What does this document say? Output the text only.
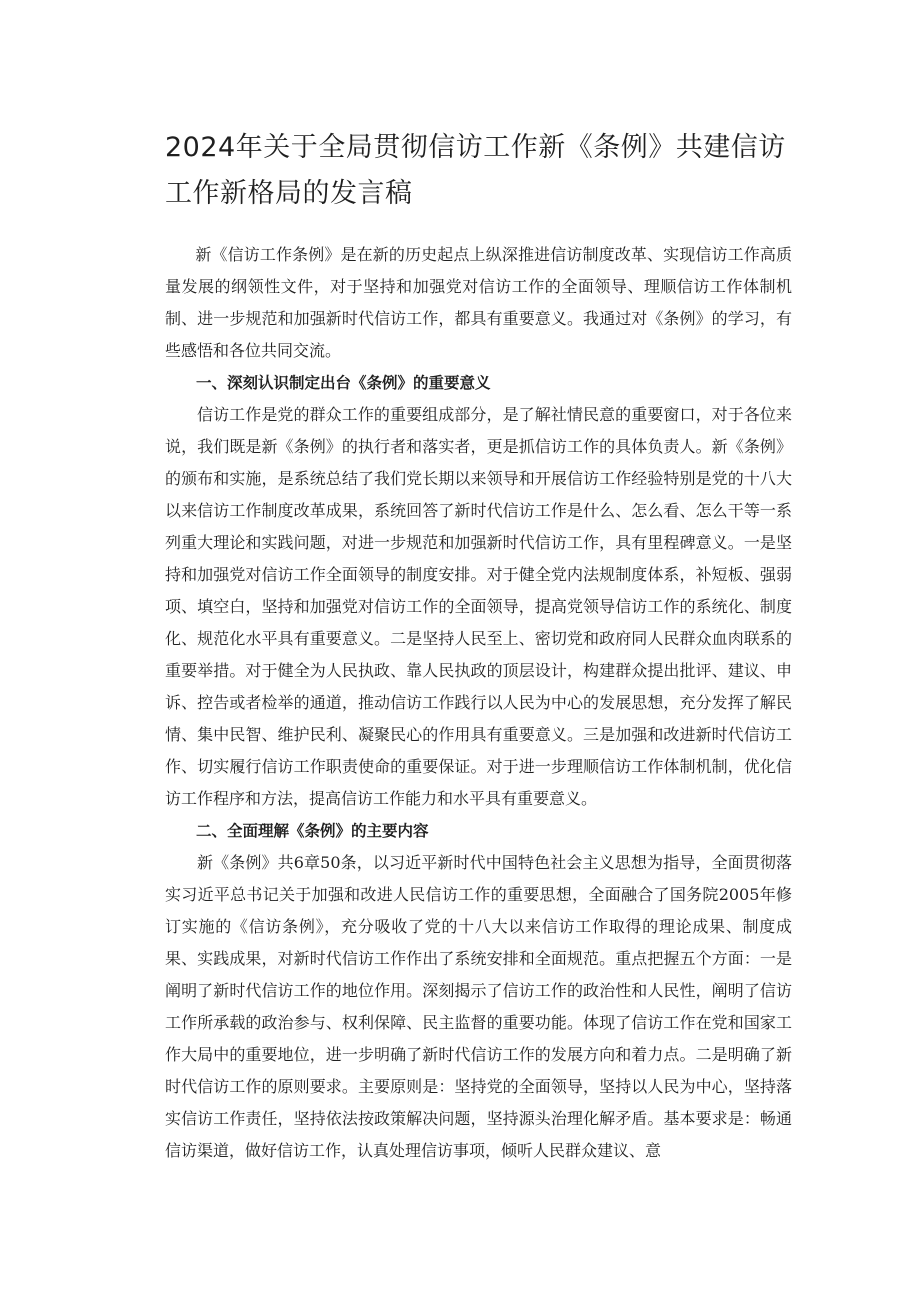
2024年关于全局贯彻信访工作新《条例》共建信访工作新格局的发言稿

新《信访工作条例》是在新的历史起点上纵深推进信访制度改革、实现信访工作高质量发展的纲领性文件，对于坚持和加强党对信访工作的全面领导、理顺信访工作体制机制、进一步规范和加强新时代信访工作，都具有重要意义。我通过对《条例》的学习，有些感悟和各位共同交流。

一、深刻认识制定出台《条例》的重要意义

信访工作是党的群众工作的重要组成部分，是了解社情民意的重要窗口，对于各位来说，我们既是新《条例》的执行者和落实者，更是抓信访工作的具体负责人。新《条例》的颁布和实施，是系统总结了我们党长期以来领导和开展信访工作经验特别是党的十八大以来信访工作制度改革成果，系统回答了新时代信访工作是什么、怎么看、怎么干等一系列重大理论和实践问题，对进一步规范和加强新时代信访工作，具有里程碑意义。一是坚持和加强党对信访工作全面领导的制度安排。对于健全党内法规制度体系，补短板、强弱项、填空白，坚持和加强党对信访工作的全面领导，提高党领导信访工作的系统化、制度化、规范化水平具有重要意义。二是坚持人民至上、密切党和政府同人民群众血肉联系的重要举措。对于健全为人民执政、靠人民执政的顶层设计，构建群众提出批评、建议、申诉、控告或者检举的通道，推动信访工作践行以人民为中心的发展思想，充分发挥了解民情、集中民智、维护民利、凝聚民心的作用具有重要意义。三是加强和改进新时代信访工作、切实履行信访工作职责使命的重要保证。对于进一步理顺信访工作体制机制，优化信访工作程序和方法，提高信访工作能力和水平具有重要意义。

二、全面理解《条例》的主要内容

新《条例》共6章50条，以习近平新时代中国特色社会主义思想为指导，全面贯彻落实习近平总书记关于加强和改进人民信访工作的重要思想，全面融合了国务院2005年修订实施的《信访条例》，充分吸收了党的十八大以来信访工作取得的理论成果、制度成果、实践成果，对新时代信访工作作出了系统安排和全面规范。重点把握五个方面：一是阐明了新时代信访工作的地位作用。深刻揭示了信访工作的政治性和人民性，阐明了信访工作所承载的政治参与、权利保障、民主监督的重要功能。体现了信访工作在党和国家工作大局中的重要地位，进一步明确了新时代信访工作的发展方向和着力点。二是明确了新时代信访工作的原则要求。主要原则是：坚持党的全面领导，坚持以人民为中心，坚持落实信访工作责任，坚持依法按政策解决问题，坚持源头治理化解矛盾。基本要求是：畅通信访渠道，做好信访工作，认真处理信访事项，倾听人民群众建议、意
